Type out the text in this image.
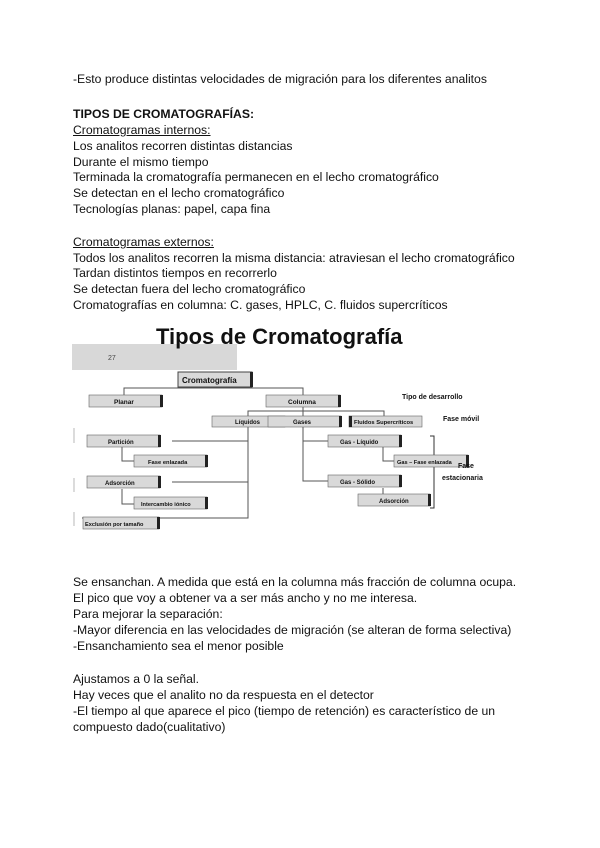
-Esto produce distintas velocidades de migración para los diferentes analitos
TIPOS DE CROMATOGRAFÍAS:
Cromatogramas internos:
Los analitos recorren distintas distancias
Durante el mismo tiempo
Terminada la cromatografía permanecen en el lecho cromatográfico
Se detectan en el lecho cromatográfico
Tecnologías planas: papel, capa fina
Cromatogramas externos:
Todos los analitos recorren la misma distancia: atraviesan el lecho cromatográfico
Tardan distintos tiempos en recorrerlo
Se detectan fuera del lecho cromatográfico
Cromatografías en columna: C. gases, HPLC, C. fluidos supercríticos
27
Tipos de Cromatografía
Cromatografía
Planar	Columna
Líquidos	Gases	Fluidos Supercríticos
Partición
Fase enlazada
Adsorción
Intercambio iónico
Exclusión por tamaño
Gas - Líquido
Gas – Fase enlazada
Gas - Sólido
Adsorción
Tipo de desarrollo
Fase móvil
Fase
estacionaria
Se ensanchan. A medida que está en la columna más fracción de columna ocupa.
El pico que voy a obtener va a ser más ancho y no me interesa.
Para mejorar la separación:
-Mayor diferencia en las velocidades de migración (se alteran de forma selectiva)
-Ensanchamiento sea el menor posible
Ajustamos a 0 la señal.
Hay veces que el analito no da respuesta en el detector
-El tiempo al que aparece el pico (tiempo de retención) es característico de un
compuesto dado(cualitativo)
